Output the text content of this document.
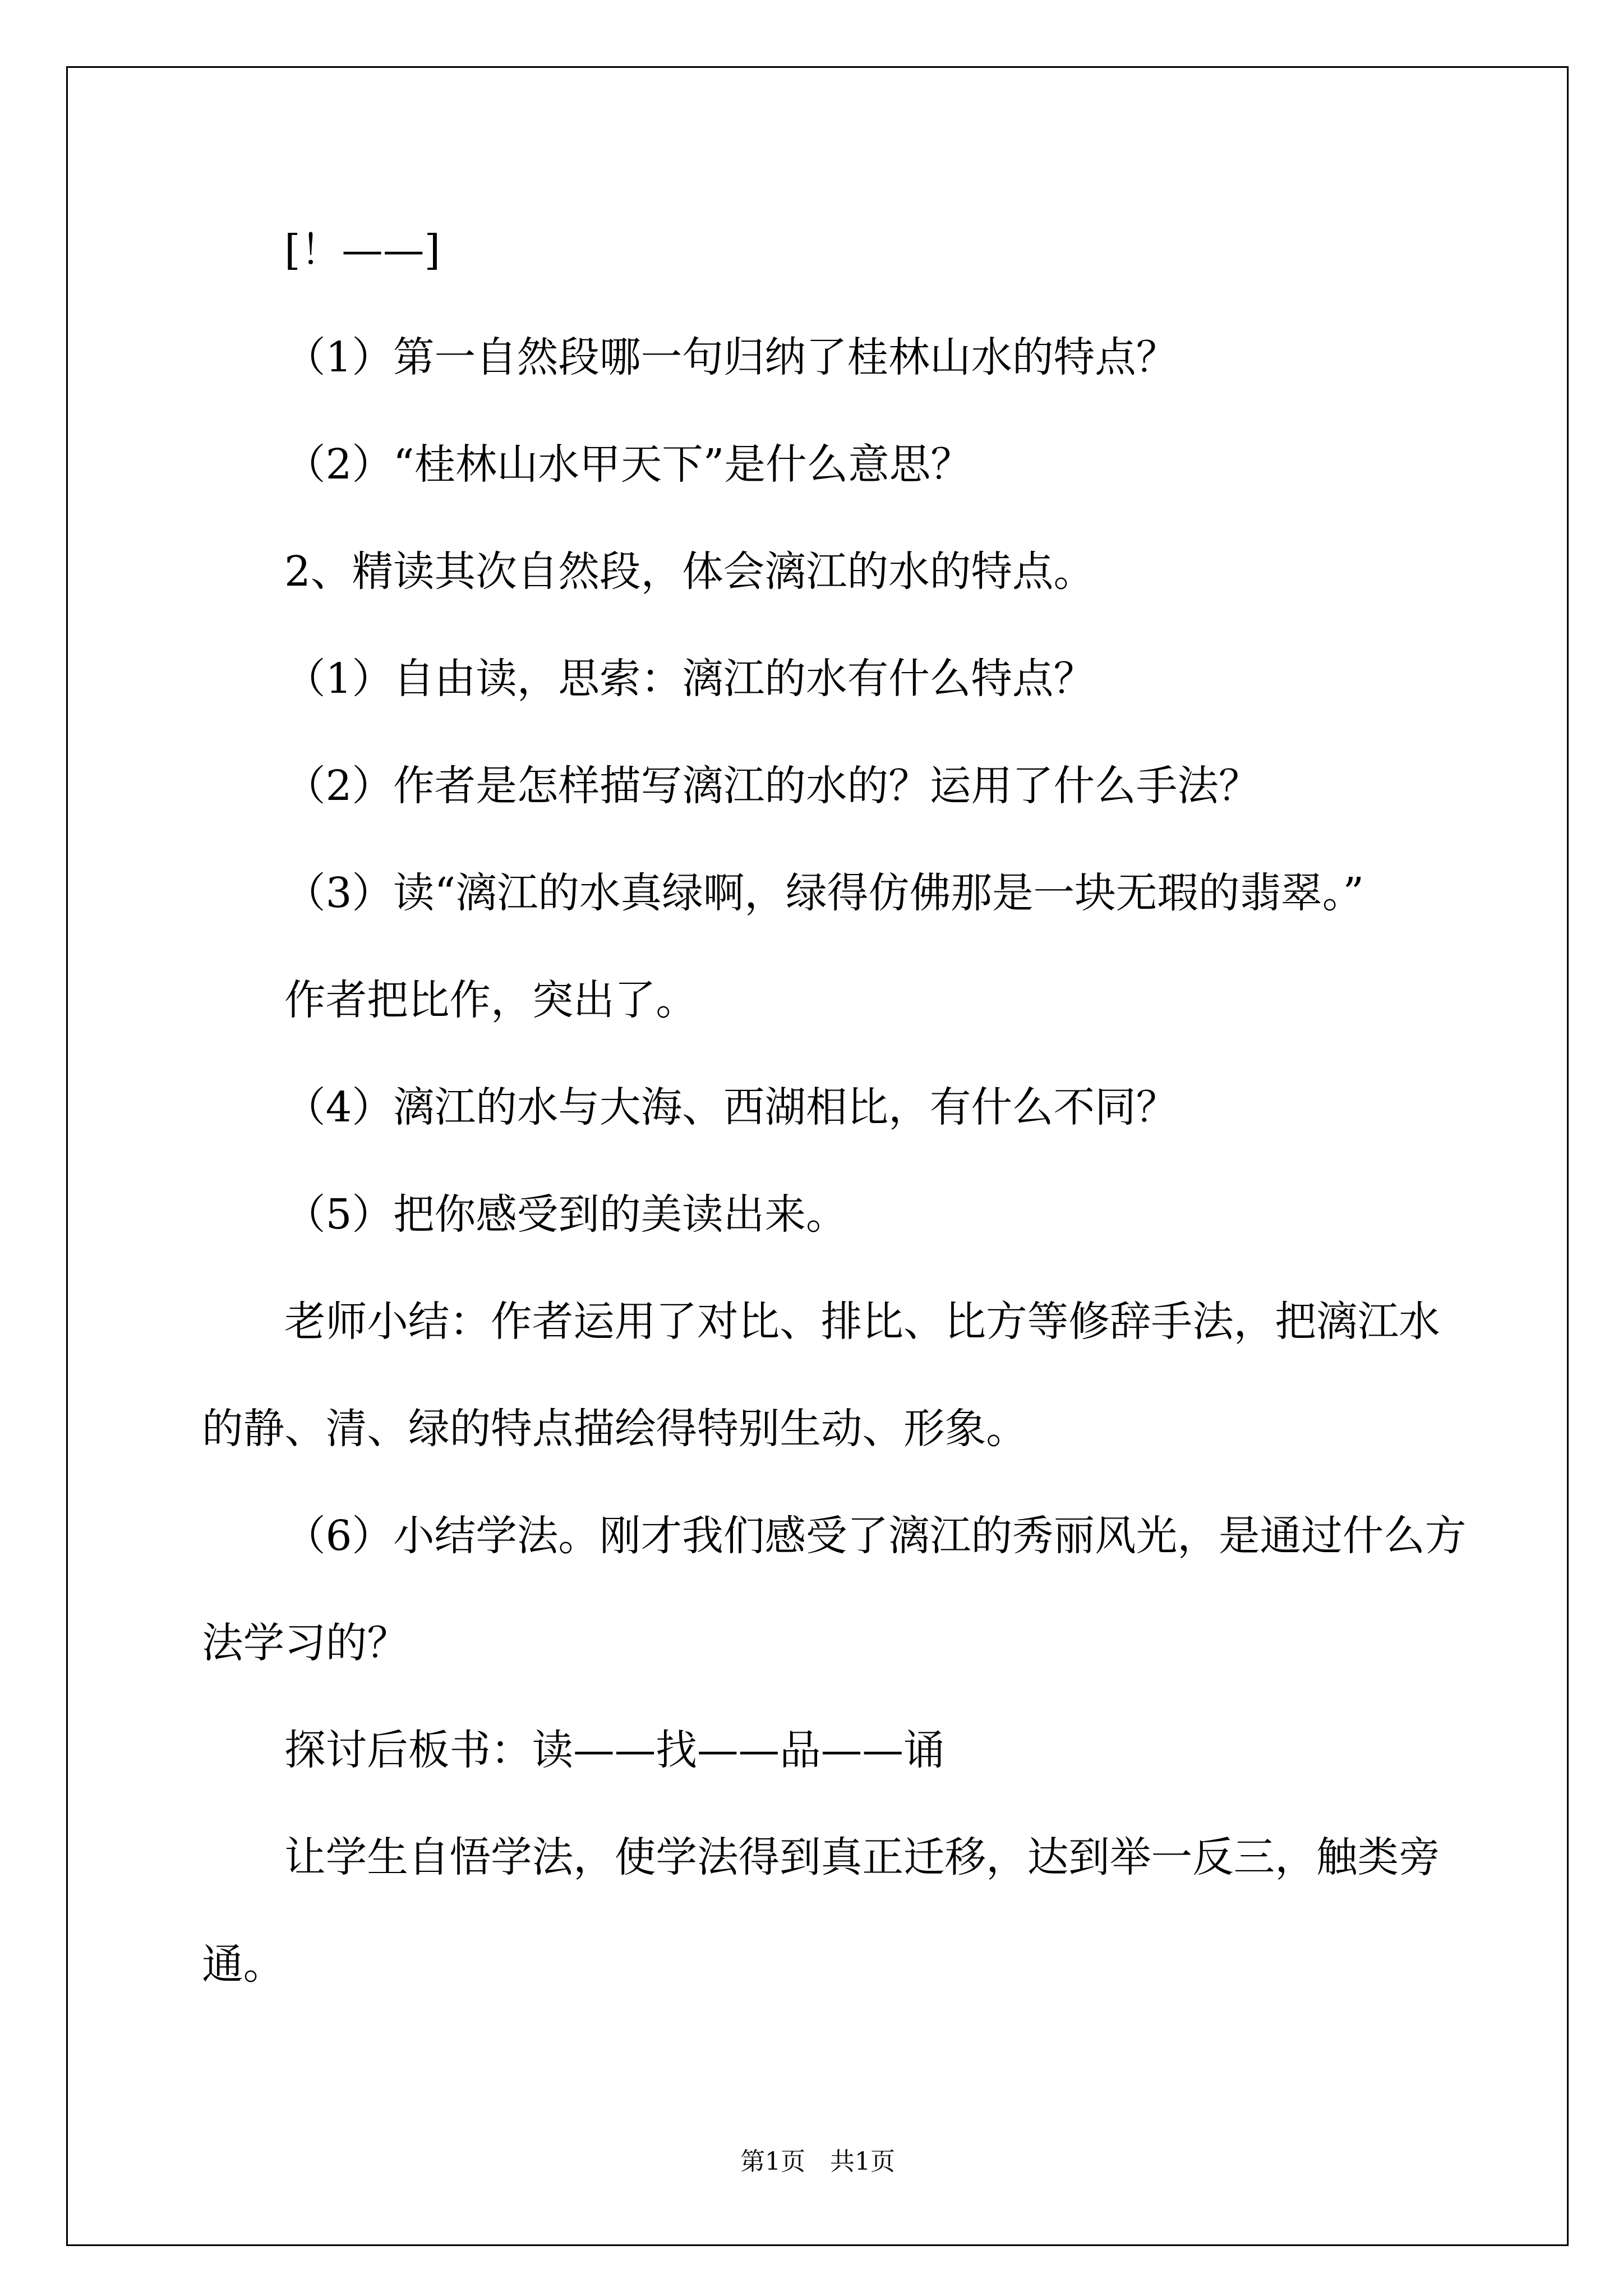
[！——]
（1）第一自然段哪一句归纳了桂林山水的特点？
（2）“桂林山水甲天下”是什么意思？
2、精读其次自然段，体会漓江的水的特点。
（1）自由读，思索：漓江的水有什么特点？
（2）作者是怎样描写漓江的水的？运用了什么手法？
（3）读“漓江的水真绿啊，绿得仿佛那是一块无瑕的翡翠。”
作者把比作，突出了。
（4）漓江的水与大海、西湖相比，有什么不同？
（5）把你感受到的美读出来。
老师小结：作者运用了对比、排比、比方等修辞手法，把漓江水
的静、清、绿的特点描绘得特别生动、形象。
（6）小结学法。刚才我们感受了漓江的秀丽风光，是通过什么方
法学习的？
探讨后板书：读——找——品——诵
让学生自悟学法，使学法得到真正迁移，达到举一反三，触类旁
通。
第1页　共1页
